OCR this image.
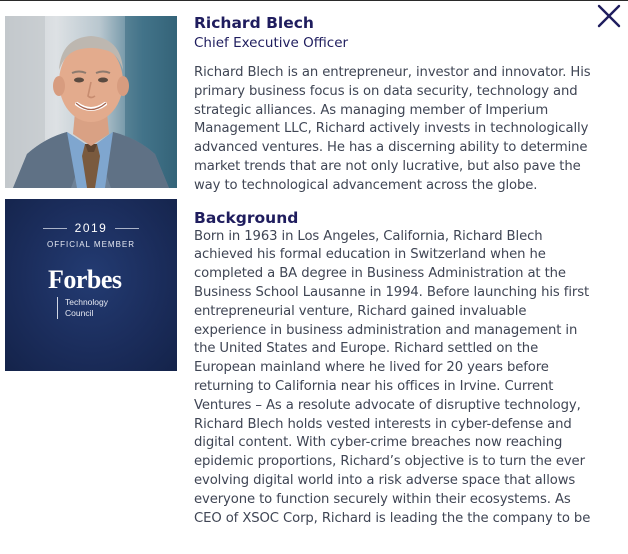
2019
OFFICIAL MEMBER
Forbes
Technology
Council
Richard Blech
Chief Executive Officer
Richard Blech is an entrepreneur, investor and innovator. His
primary business focus is on data security, technology and
strategic alliances. As managing member of Imperium
Management LLC, Richard actively invests in technologically
advanced ventures. He has a discerning ability to determine
market trends that are not only lucrative, but also pave the
way to technological advancement across the globe.
Background
Born in 1963 in Los Angeles, California, Richard Blech
achieved his formal education in Switzerland when he
completed a BA degree in Business Administration at the
Business School Lausanne in 1994. Before launching his first
entrepreneurial venture, Richard gained invaluable
experience in business administration and management in
the United States and Europe. Richard settled on the
European mainland where he lived for 20 years before
returning to California near his offices in Irvine. Current
Ventures – As a resolute advocate of disruptive technology,
Richard Blech holds vested interests in cyber-defense and
digital content. With cyber-crime breaches now reaching
epidemic proportions, Richard’s objective is to turn the ever
evolving digital world into a risk adverse space that allows
everyone to function securely within their ecosystems. As
CEO of XSOC Corp, Richard is leading the the company to be
